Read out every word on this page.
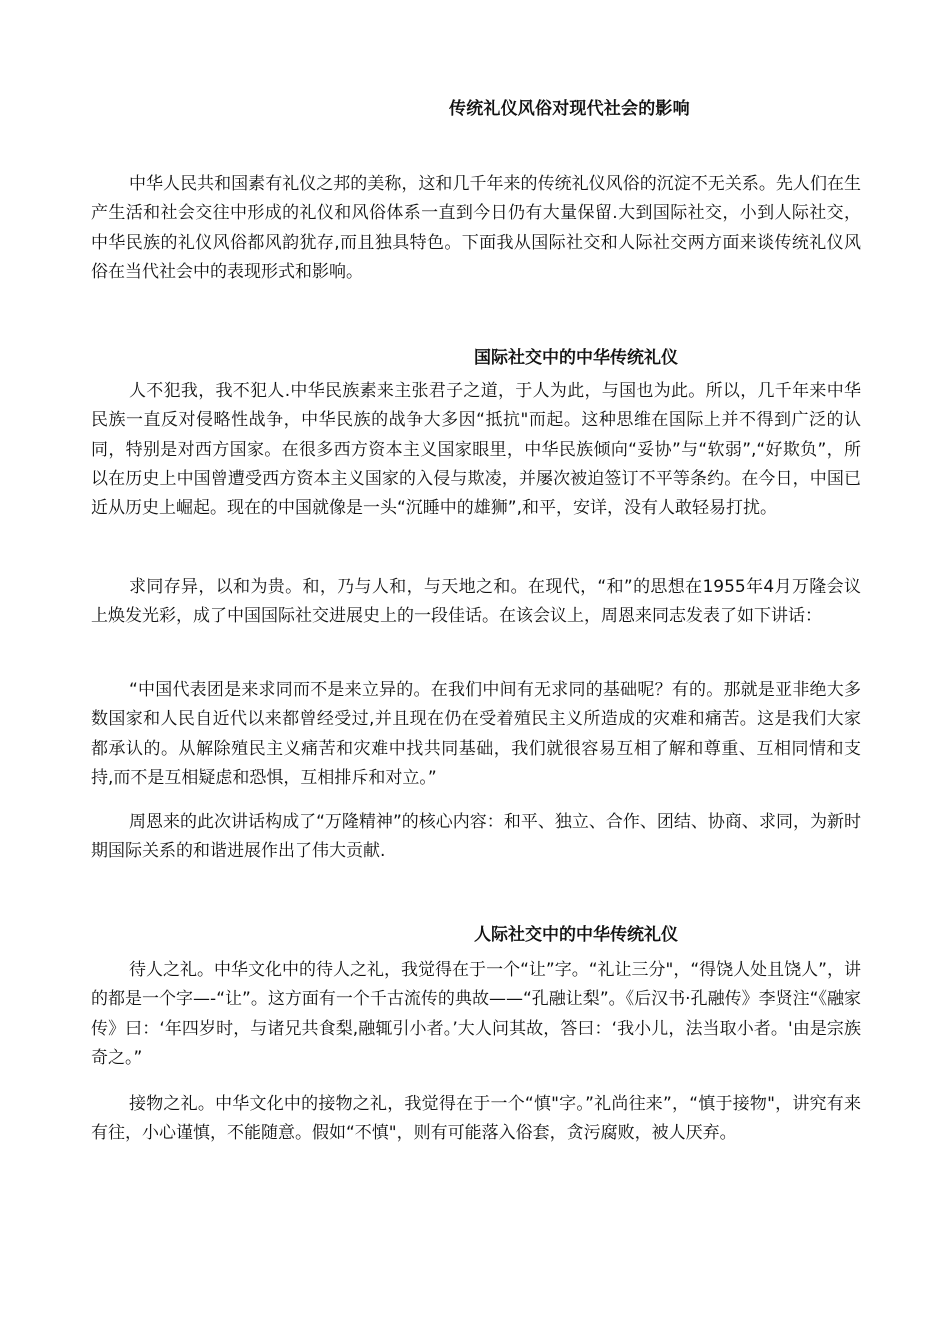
传统礼仪风俗对现代社会的影响

中华人民共和国素有礼仪之邦的美称，这和几千年来的传统礼仪风俗的沉淀不无关系。先人们在生产生活和社会交往中形成的礼仪和风俗体系一直到今日仍有大量保留.大到国际社交，小到人际社交，中华民族的礼仪风俗都风韵犹存,而且独具特色。下面我从国际社交和人际社交两方面来谈传统礼仪风俗在当代社会中的表现形式和影响。

国际社交中的中华传统礼仪

人不犯我，我不犯人.中华民族素来主张君子之道，于人为此，与国也为此。所以，几千年来中华民族一直反对侵略性战争，中华民族的战争大多因“抵抗"而起。这种思维在国际上并不得到广泛的认同，特别是对西方国家。在很多西方资本主义国家眼里，中华民族倾向“妥协”与“软弱”,“好欺负”，所以在历史上中国曾遭受西方资本主义国家的入侵与欺凌，并屡次被迫签订不平等条约。在今日，中国已近从历史上崛起。现在的中国就像是一头“沉睡中的雄狮”,和平，安详，没有人敢轻易打扰。

求同存异，以和为贵。和，乃与人和，与天地之和。在现代，“和”的思想在1955年4月万隆会议上焕发光彩，成了中国国际社交进展史上的一段佳话。在该会议上，周恩来同志发表了如下讲话：

“中国代表团是来求同而不是来立异的。在我们中间有无求同的基础呢？有的。那就是亚非绝大多数国家和人民自近代以来都曾经受过,并且现在仍在受着殖民主义所造成的灾难和痛苦。这是我们大家都承认的。从解除殖民主义痛苦和灾难中找共同基础，我们就很容易互相了解和尊重、互相同情和支持,而不是互相疑虑和恐惧，互相排斥和对立。”

周恩来的此次讲话构成了“万隆精神”的核心内容：和平、独立、合作、团结、协商、求同，为新时期国际关系的和谐进展作出了伟大贡献.

人际社交中的中华传统礼仪

待人之礼。中华文化中的待人之礼，我觉得在于一个“让”字。“礼让三分"，“得饶人处且饶人”，讲的都是一个字—-“让”。这方面有一个千古流传的典故——“孔融让梨”。《后汉书·孔融传》李贤注“《融家传》曰：‘年四岁时，与诸兄共食梨,融辄引小者。’大人问其故，答曰：‘我小儿，法当取小者。'由是宗族奇之。”

接物之礼。中华文化中的接物之礼，我觉得在于一个“慎"字。”礼尚往来”，“慎于接物"，讲究有来有往，小心谨慎，不能随意。假如“不慎"，则有可能落入俗套，贪污腐败，被人厌弃。
